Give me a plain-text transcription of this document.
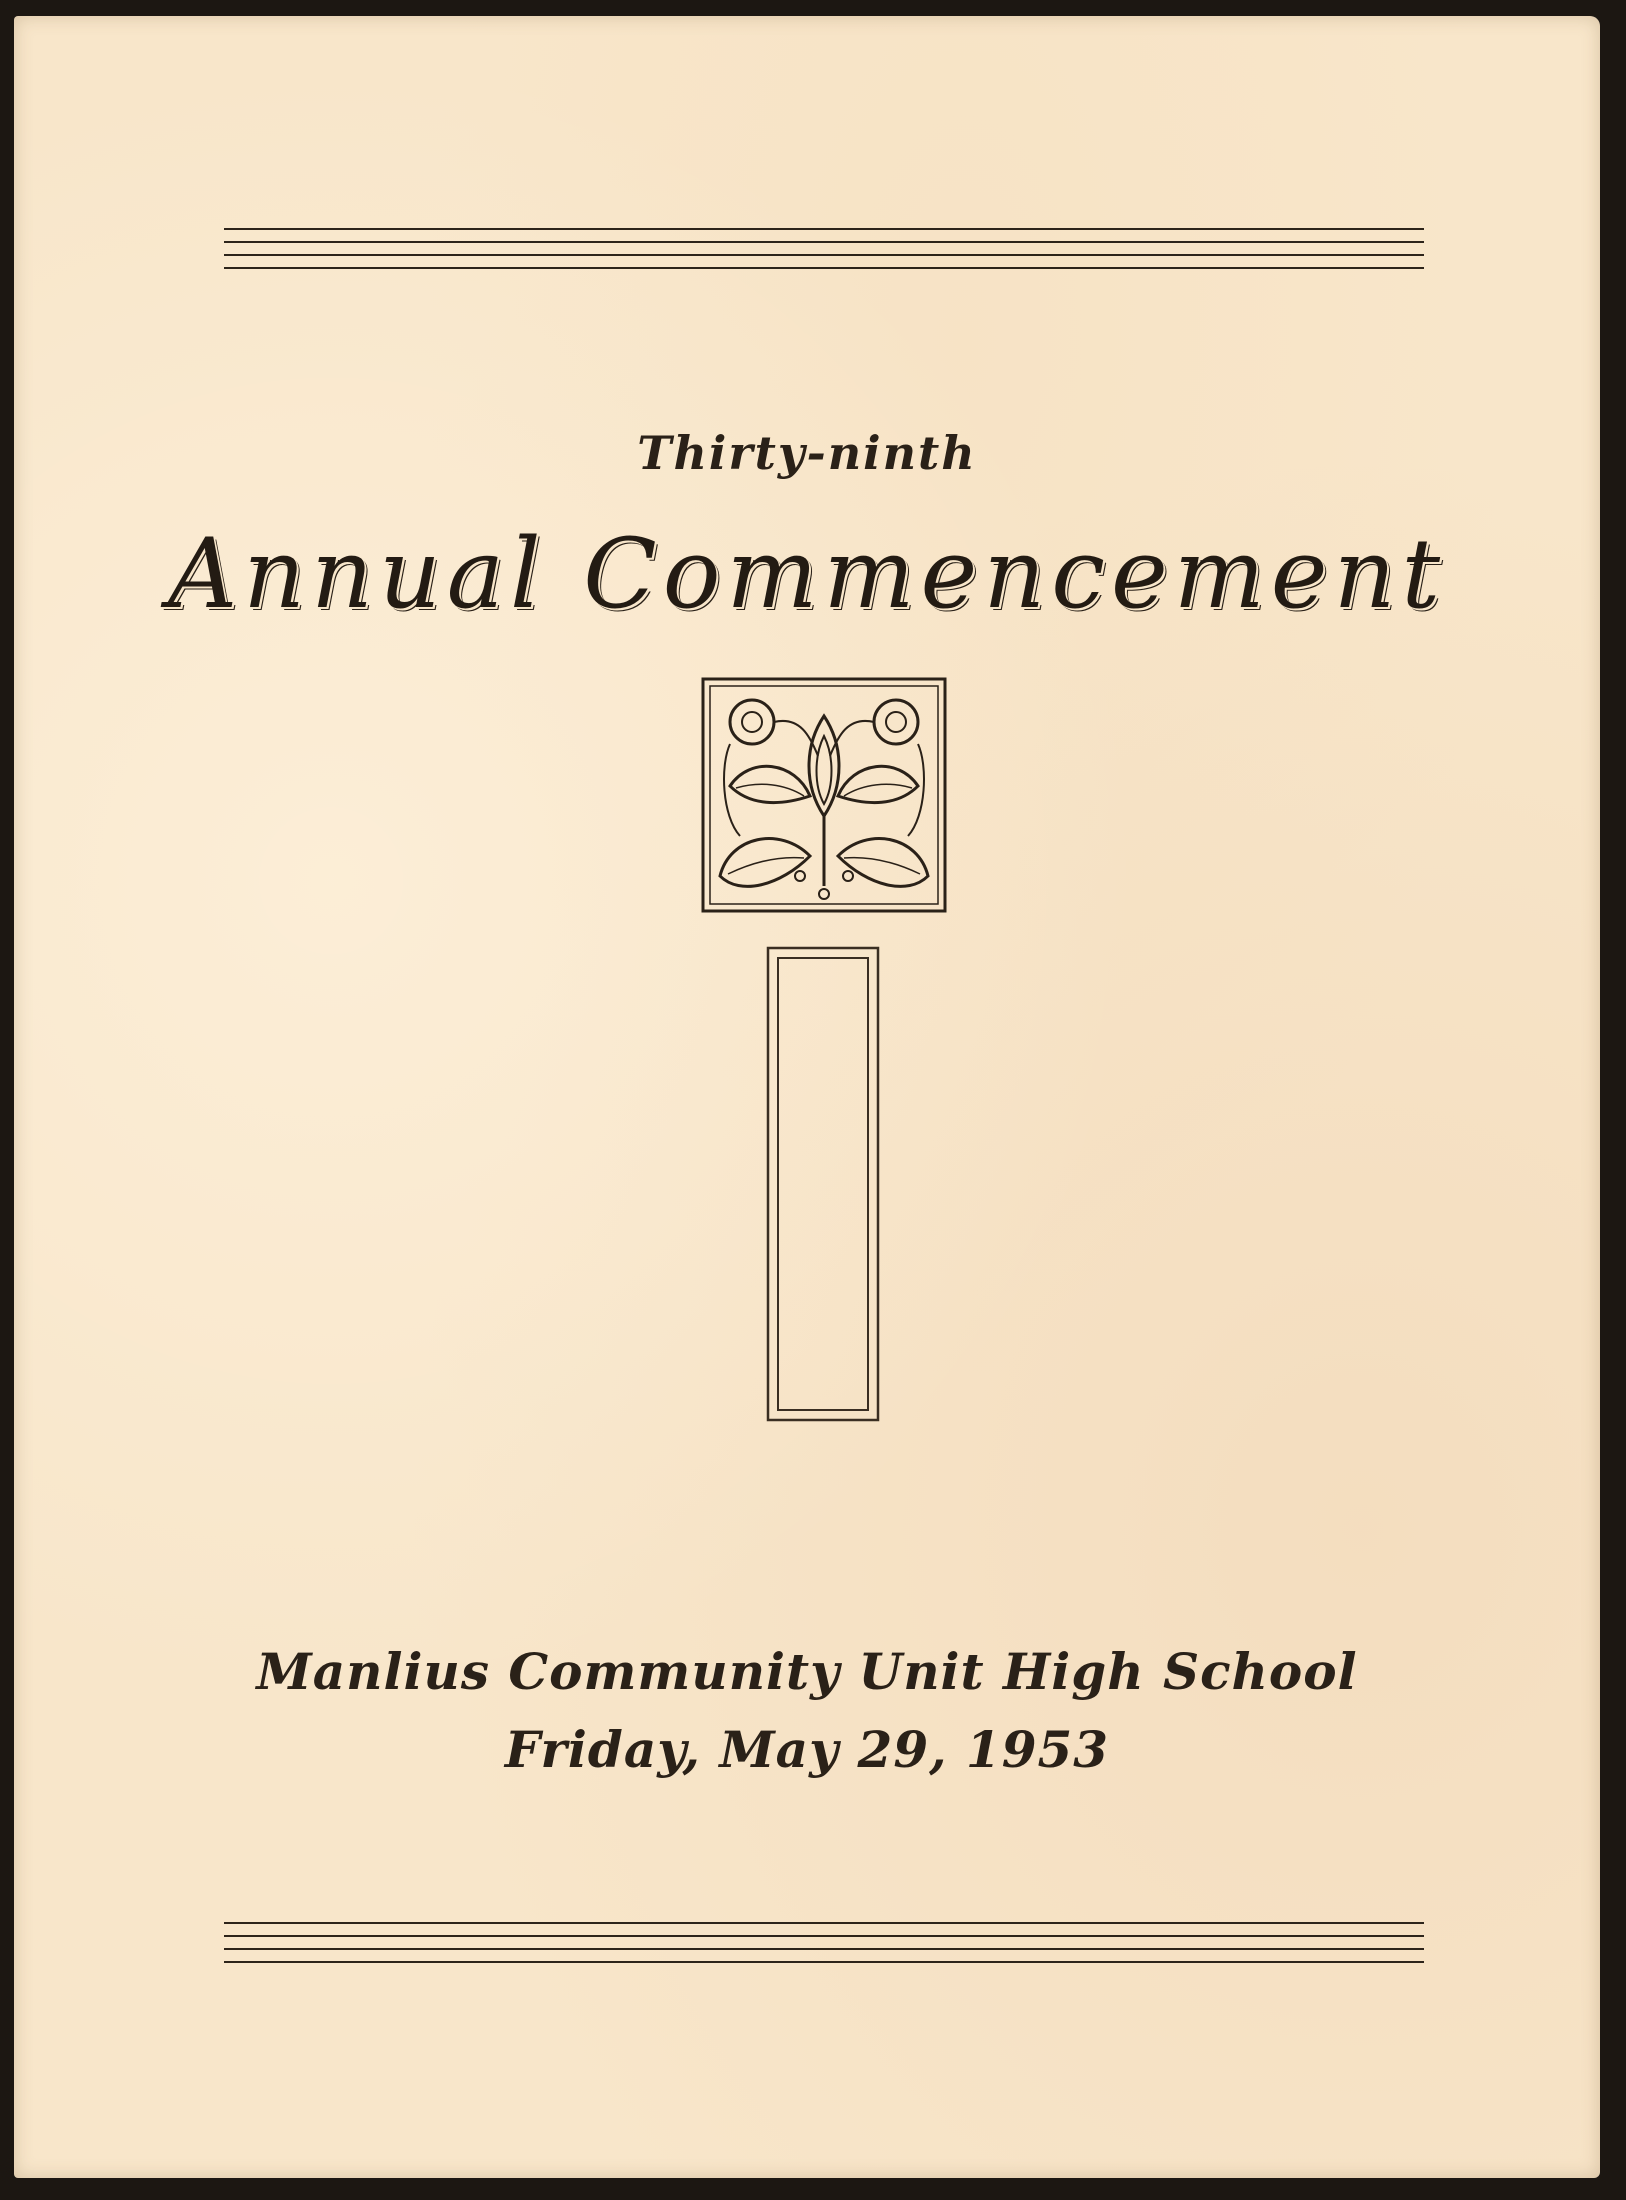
Thirty-ninth
Annual Commencement
Manlius Community Unit High School
Friday, May 29, 1953
